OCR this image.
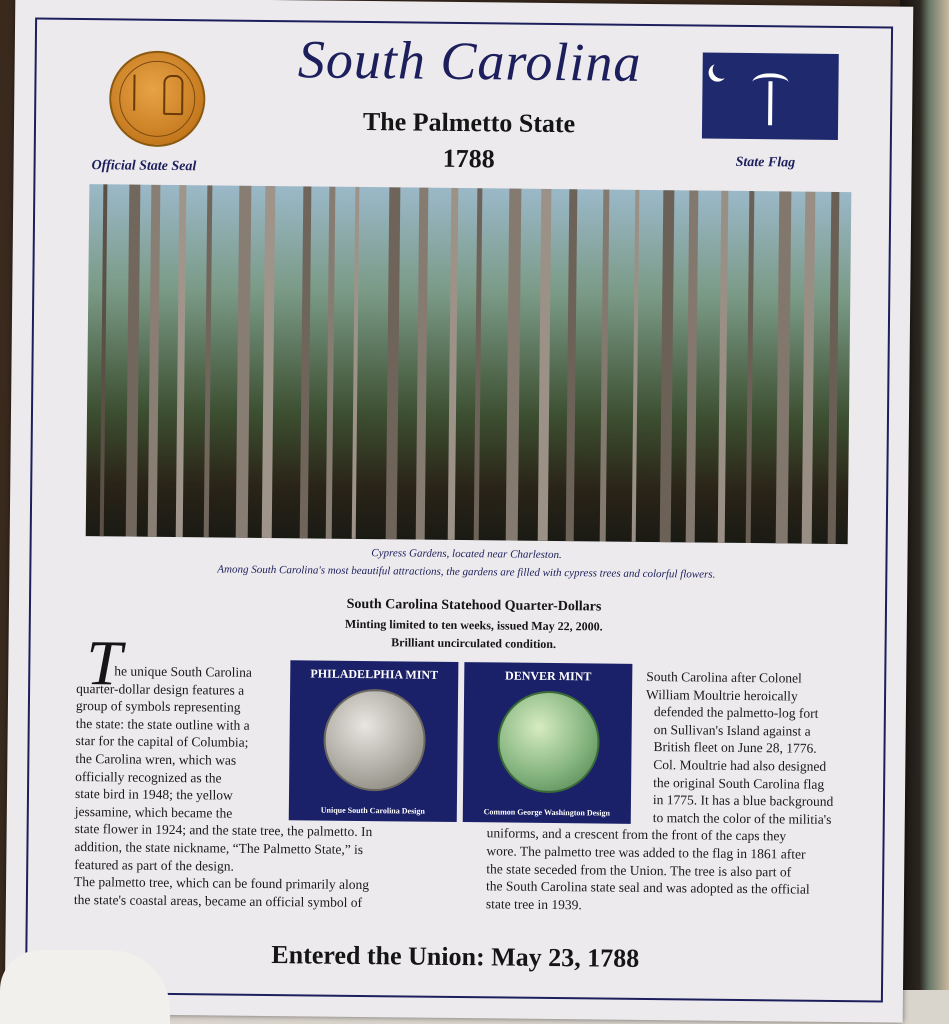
Official State Seal
South Carolina
The Palmetto State
1788	State Flag
Cypress Gardens, located near Charleston.
Among South Carolina's most beautiful attractions, the gardens are filled with cypress trees and colorful flowers.
South Carolina Statehood Quarter-Dollars
Minting limited to ten weeks, issued May 22, 2000.
Brilliant uncirculated condition.
PHILADELPHIA MINT
Unique South Carolina Design
DENVER MINT
Common George Washington Design
T
he unique South Carolina
quarter-dollar design features a
group of symbols representing
the state: the state outline with a
star for the capital of Columbia;
the Carolina wren, which was
officially recognized as the
state bird in 1948; the yellow
jessamine, which became the
state flower in 1924; and the state tree, the palmetto. In
addition, the state nickname, “The Palmetto State,” is
featured as part of the design.
The palmetto tree, which can be found primarily along
the state's coastal areas, became an official symbol of
South Carolina after Colonel
William Moultrie heroically
defended the palmetto-log fort
on Sullivan's Island against a
British fleet on June 28, 1776.
Col. Moultrie had also designed
the original South Carolina flag
in 1775. It has a blue background
to match the color of the militia's
uniforms, and a crescent from the front of the caps they
wore. The palmetto tree was added to the flag in 1861 after
the state seceded from the Union. The tree is also part of
the South Carolina state seal and was adopted as the official
state tree in 1939.
Entered the Union: May 23, 1788
